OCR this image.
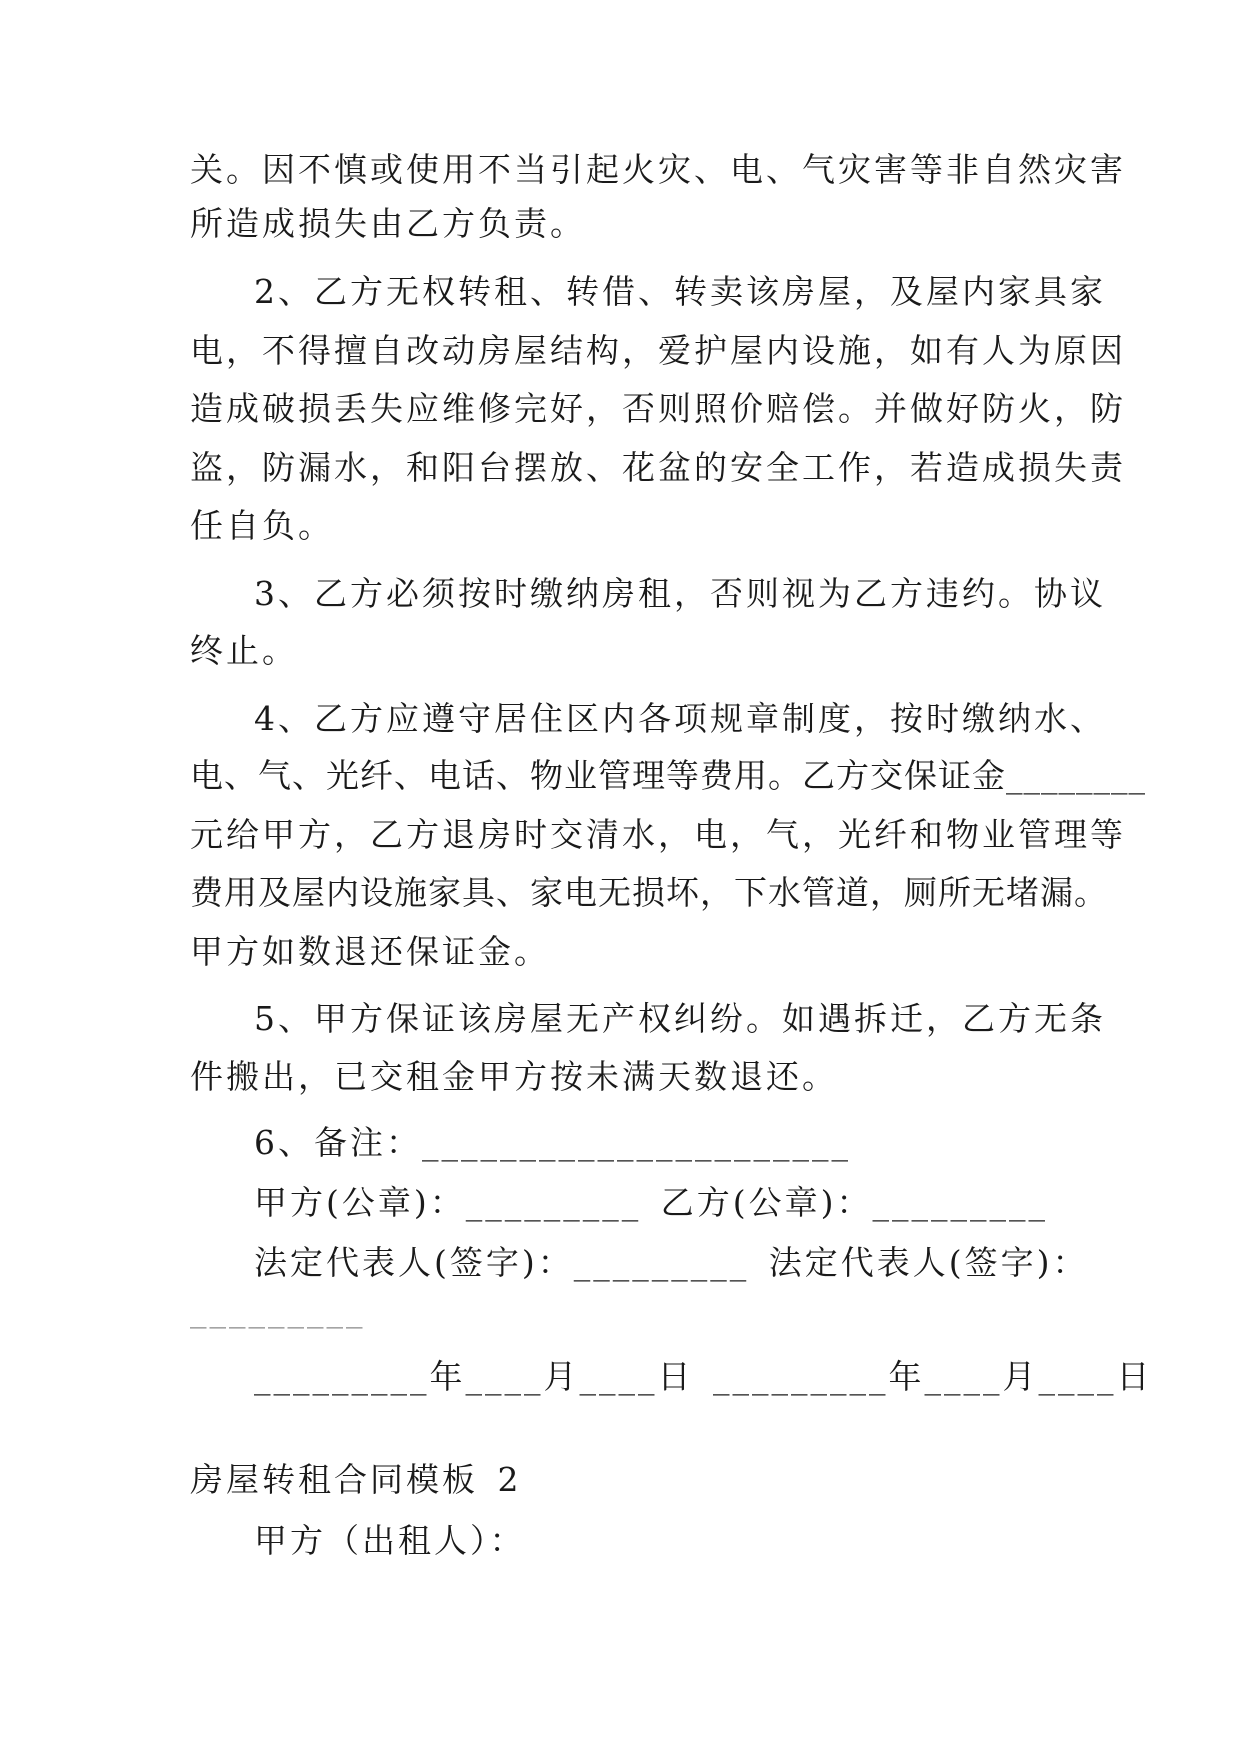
关。因不慎或使用不当引起火灾、电、气灾害等非自然灾害
所造成损失由乙方负责。
2、乙方无权转租、转借、转卖该房屋，及屋内家具家
电，不得擅自改动房屋结构，爱护屋内设施，如有人为原因
造成破损丢失应维修完好，否则照价赔偿。并做好防火，防
盗，防漏水，和阳台摆放、花盆的安全工作，若造成损失责
任自负。
3、乙方必须按时缴纳房租，否则视为乙方违约。协议
终止。
4、乙方应遵守居住区内各项规章制度，按时缴纳水、
电、气、光纤、电话、物业管理等费用。乙方交保证金________
元给甲方，乙方退房时交清水，电，气，光纤和物业管理等
费用及屋内设施家具、家电无损坏，下水管道，厕所无堵漏。
甲方如数退还保证金。
5、甲方保证该房屋无产权纠纷。如遇拆迁，乙方无条
件搬出，已交租金甲方按未满天数退还。
6、备注：______________________
甲方(公章)：_________ 乙方(公章)：_________
法定代表人(签字)：_________ 法定代表人(签字)：
_________
_________年____月____日 _________年____月____日
房屋转租合同模板 2
甲方（出租人）：
